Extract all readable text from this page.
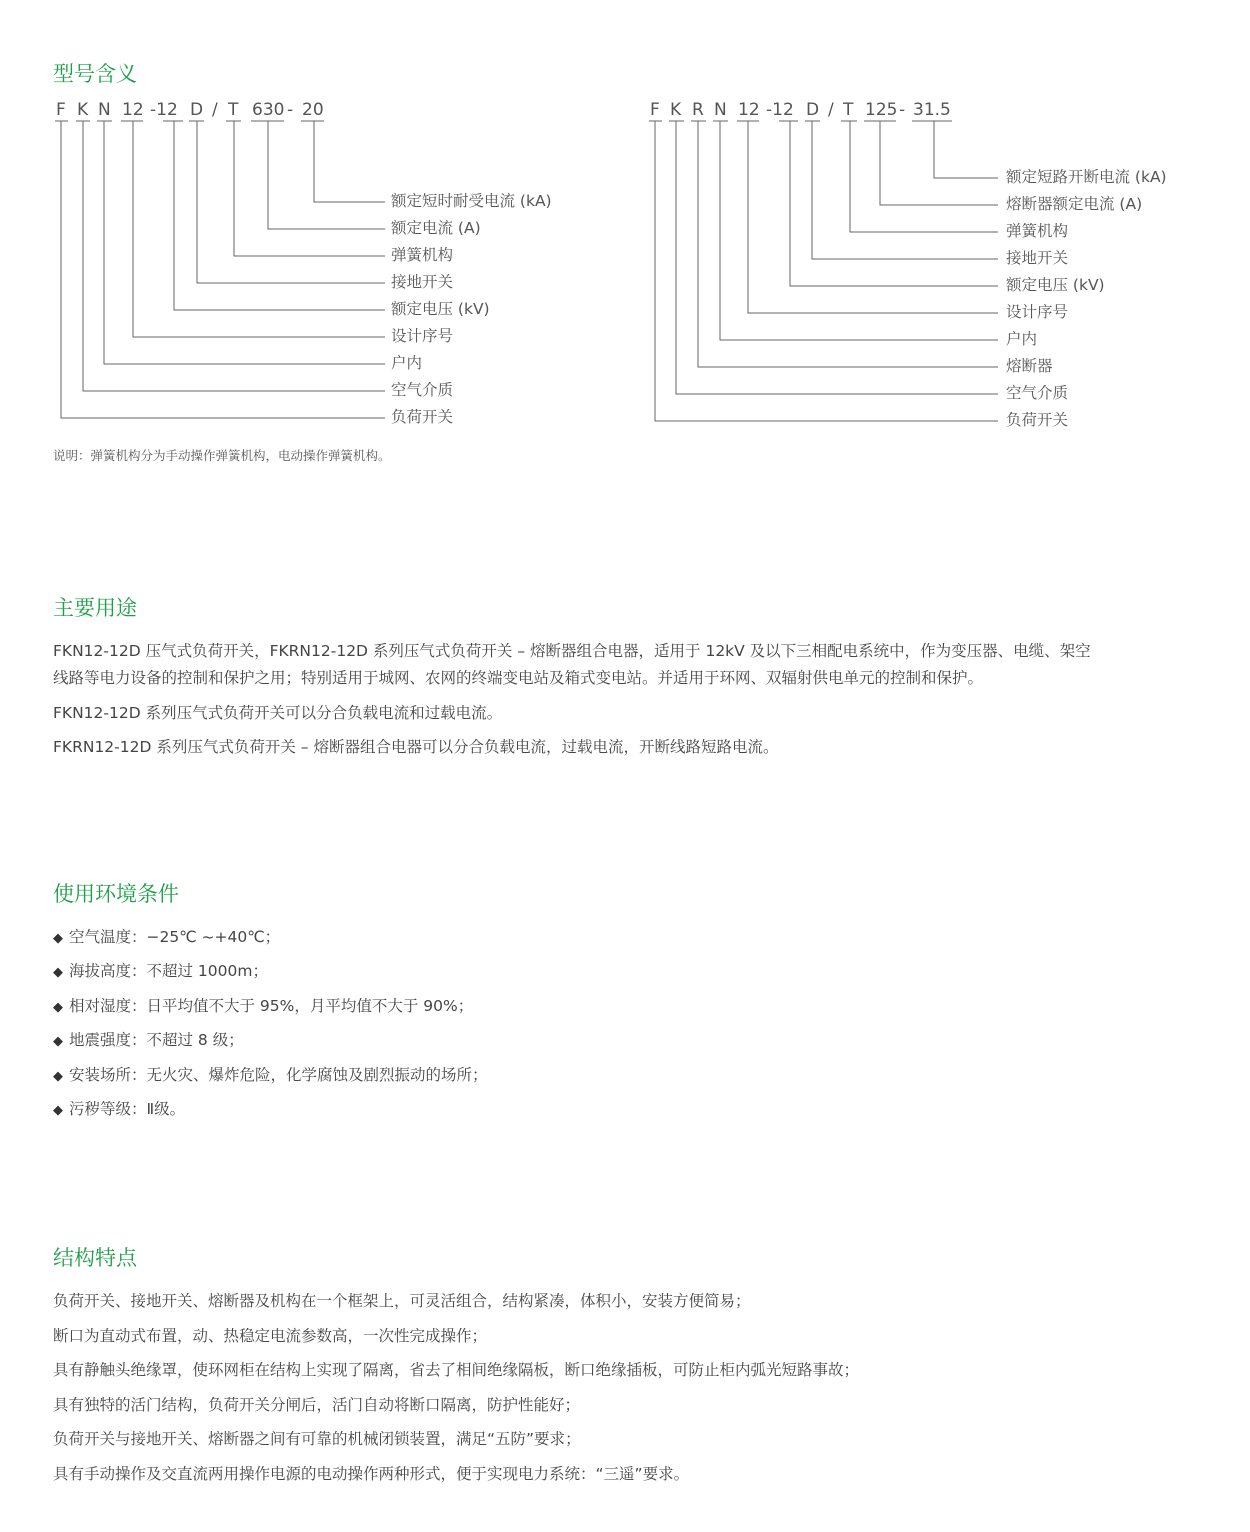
型号含义
F K N 12 -12 D / T 630 - 20	F K R N 12 -12 D / T 125 - 31.5
额定短时耐受电流 (kA)
额定电流 (A)
弹簧机构
接地开关
额定电压 (kV)
设计序号
户内
空气介质
负荷开关
额定短路开断电流 (kA)
熔断器额定电流 (A)
弹簧机构
接地开关
额定电压 (kV)
设计序号
户内
熔断器
空气介质
负荷开关
说明：弹簧机构分为手动操作弹簧机构，电动操作弹簧机构。
主要用途
FKN12-12D 压气式负荷开关，FKRN12-12D 系列压气式负荷开关 – 熔断器组合电器，适用于 12kV 及以下三相配电系统中，作为变压器、电缆、架空
线路等电力设备的控制和保护之用；特别适用于城网、农网的终端变电站及箱式变电站。并适用于环网、双辐射供电单元的控制和保护。
FKN12-12D 系列压气式负荷开关可以分合负载电流和过载电流。
FKRN12-12D 系列压气式负荷开关 – 熔断器组合电器可以分合负载电流，过载电流，开断线路短路电流。
使用环境条件
◆ 空气温度：−25℃ ~+40℃；
◆ 海拔高度：不超过 1000m；
◆ 相对湿度：日平均值不大于 95%，月平均值不大于 90%；
◆ 地震强度：不超过 8 级；
◆ 安装场所：无火灾、爆炸危险，化学腐蚀及剧烈振动的场所；
◆ 污秽等级：Ⅱ级。
结构特点
负荷开关、接地开关、熔断器及机构在一个框架上，可灵活组合，结构紧凑，体积小，安装方便简易；
断口为直动式布置，动、热稳定电流参数高，一次性完成操作；
具有静触头绝缘罩，使环网柜在结构上实现了隔离，省去了相间绝缘隔板，断口绝缘插板，可防止柜内弧光短路事故；
具有独特的活门结构，负荷开关分闸后，活门自动将断口隔离，防护性能好；
负荷开关与接地开关、熔断器之间有可靠的机械闭锁装置，满足“五防”要求；
具有手动操作及交直流两用操作电源的电动操作两种形式，便于实现电力系统：“三遥”要求。
